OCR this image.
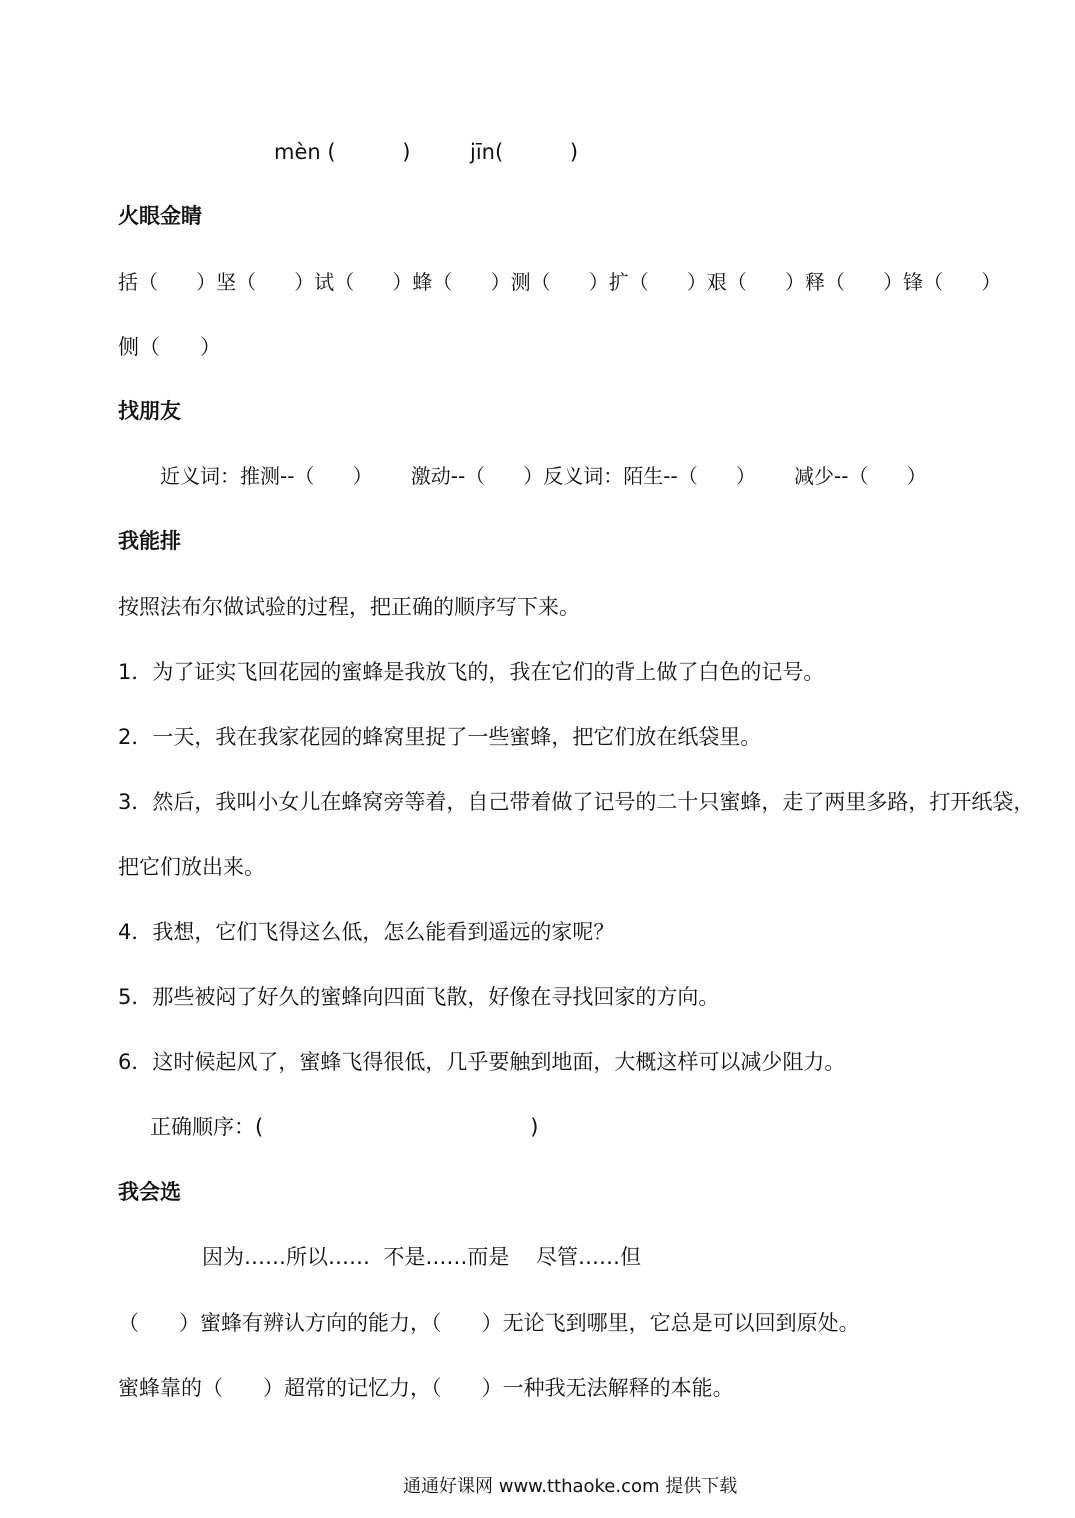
mèn (          )	jīn(          )
火眼金睛
括（      ）坚（      ）试（      ）蜂（      ）测（      ）扩（      ）艰（      ）释（      ）锋（      ）
侧（      ）
找朋友
近义词：推测--（      ）      激动--（      ）反义词：陌生--（      ）      减少--（      ）
我能排
按照法布尔做试验的过程，把正确的顺序写下来。
1．为了证实飞回花园的蜜蜂是我放飞的，我在它们的背上做了白色的记号。
2．一天，我在我家花园的蜂窝里捉了一些蜜蜂，把它们放在纸袋里。
3．然后，我叫小女儿在蜂窝旁等着，自己带着做了记号的二十只蜜蜂，走了两里多路，打开纸袋，
把它们放出来。
4．我想，它们飞得这么低，怎么能看到遥远的家呢？
5．那些被闷了好久的蜜蜂向四面飞散，好像在寻找回家的方向。
6．这时候起风了，蜜蜂飞得很低，几乎要触到地面，大概这样可以减少阻力。
正确顺序：(                                        )
我会选
因为……所以……  不是……而是    尽管……但
（      ）蜜蜂有辨认方向的能力，（      ）无论飞到哪里，它总是可以回到原处。
蜜蜂靠的（      ）超常的记忆力，（      ）一种我无法解释的本能。
通通好课网 www.tthaoke.com 提供下载
